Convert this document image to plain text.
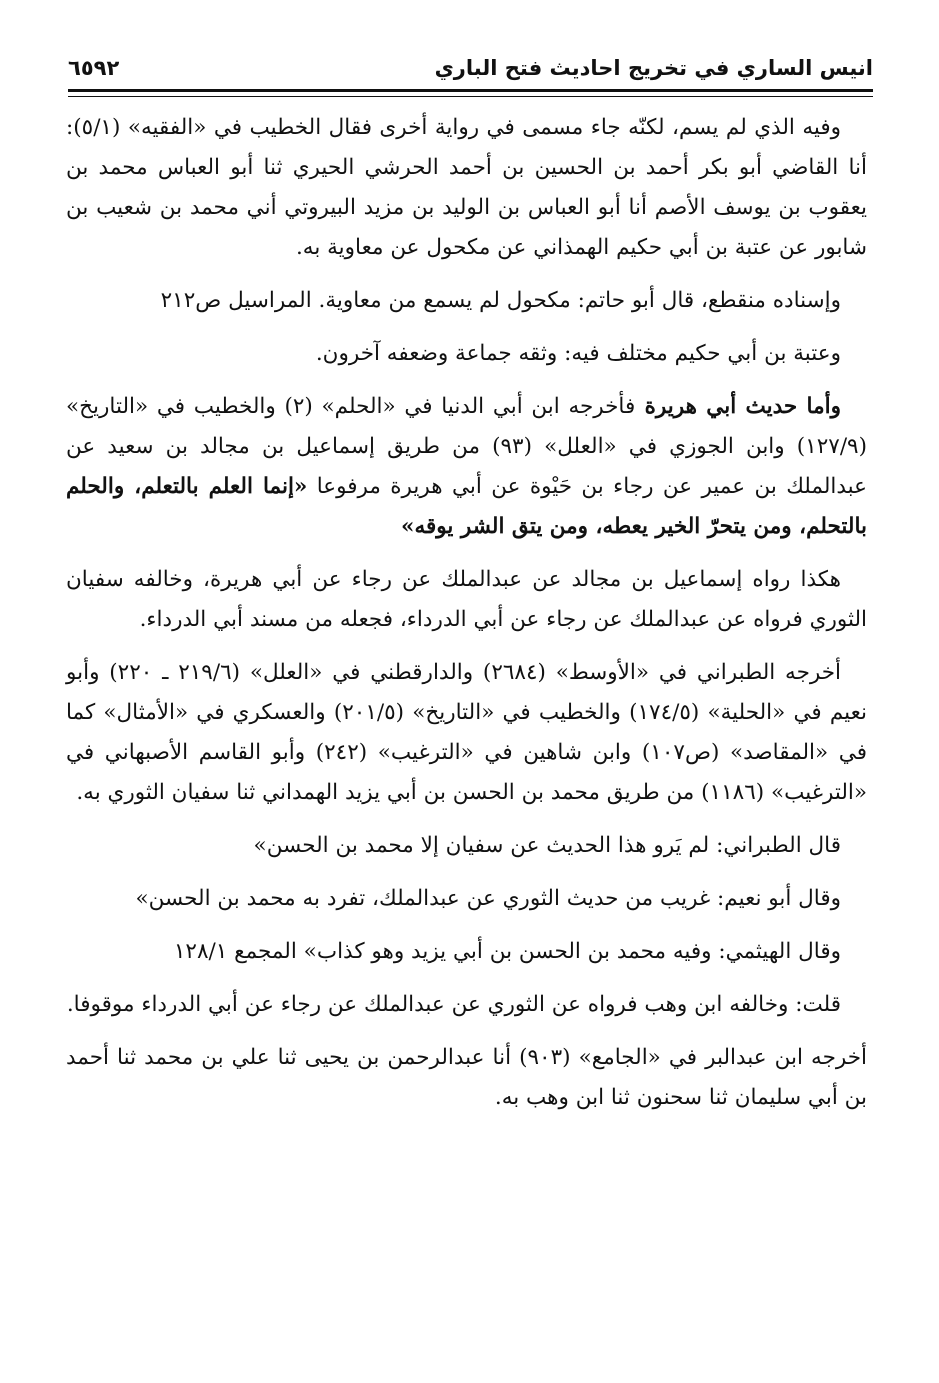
انيس الساري في تخريج احاديث فتح الباري
٦٥٩٢

وفيه الذي لم يسم، لكنّه جاء مسمى في رواية أخرى فقال الخطيب في «الفقيه» (٥/١): أنا القاضي أبو بكر أحمد بن الحسين بن أحمد الحرشي الحيري ثنا أبو العباس محمد بن يعقوب بن يوسف الأصم أنا أبو العباس بن الوليد بن مزيد البيروتي أني محمد بن شعيب بن شابور عن عتبة بن أبي حكيم الهمذاني عن مكحول عن معاوية به.

وإسناده منقطع، قال أبو حاتم: مكحول لم يسمع من معاوية. المراسيل ص٢١٢

وعتبة بن أبي حكيم مختلف فيه: وثقه جماعة وضعفه آخرون.

وأما حديث أبي هريرة فأخرجه ابن أبي الدنيا في «الحلم» (٢) والخطيب في «التاريخ» (١٢٧/٩) وابن الجوزي في «العلل» (٩٣) من طريق إسماعيل بن مجالد بن سعيد عن عبدالملك بن عمير عن رجاء بن حَيْوة عن أبي هريرة مرفوعا «إنما العلم بالتعلم، والحلم بالتحلم، ومن يتحرّ الخير يعطه، ومن يتق الشر يوقه»

هكذا رواه إسماعيل بن مجالد عن عبدالملك عن رجاء عن أبي هريرة، وخالفه سفيان الثوري فرواه عن عبدالملك عن رجاء عن أبي الدرداء، فجعله من مسند أبي الدرداء.

أخرجه الطبراني في «الأوسط» (٢٦٨٤) والدارقطني في «العلل» (٢١٩/٦ ـ ٢٢٠) وأبو نعيم في «الحلية» (١٧٤/٥) والخطيب في «التاريخ» (٢٠١/٥) والعسكري في «الأمثال» كما في «المقاصد» (ص١٠٧) وابن شاهين في «الترغيب» (٢٤٢) وأبو القاسم الأصبهاني في «الترغيب» (١١٨٦) من طريق محمد بن الحسن بن أبي يزيد الهمداني ثنا سفيان الثوري به.

قال الطبراني: لم يَرو هذا الحديث عن سفيان إلا محمد بن الحسن»

وقال أبو نعيم: غريب من حديث الثوري عن عبدالملك، تفرد به محمد بن الحسن»

وقال الهيثمي: وفيه محمد بن الحسن بن أبي يزيد وهو كذاب» المجمع ١٢٨/١

قلت: وخالفه ابن وهب فرواه عن الثوري عن عبدالملك عن رجاء عن أبي الدرداء موقوفا.

أخرجه ابن عبدالبر في «الجامع» (٩٠٣) أنا عبدالرحمن بن يحيى ثنا علي بن محمد ثنا أحمد بن أبي سليمان ثنا سحنون ثنا ابن وهب به.
